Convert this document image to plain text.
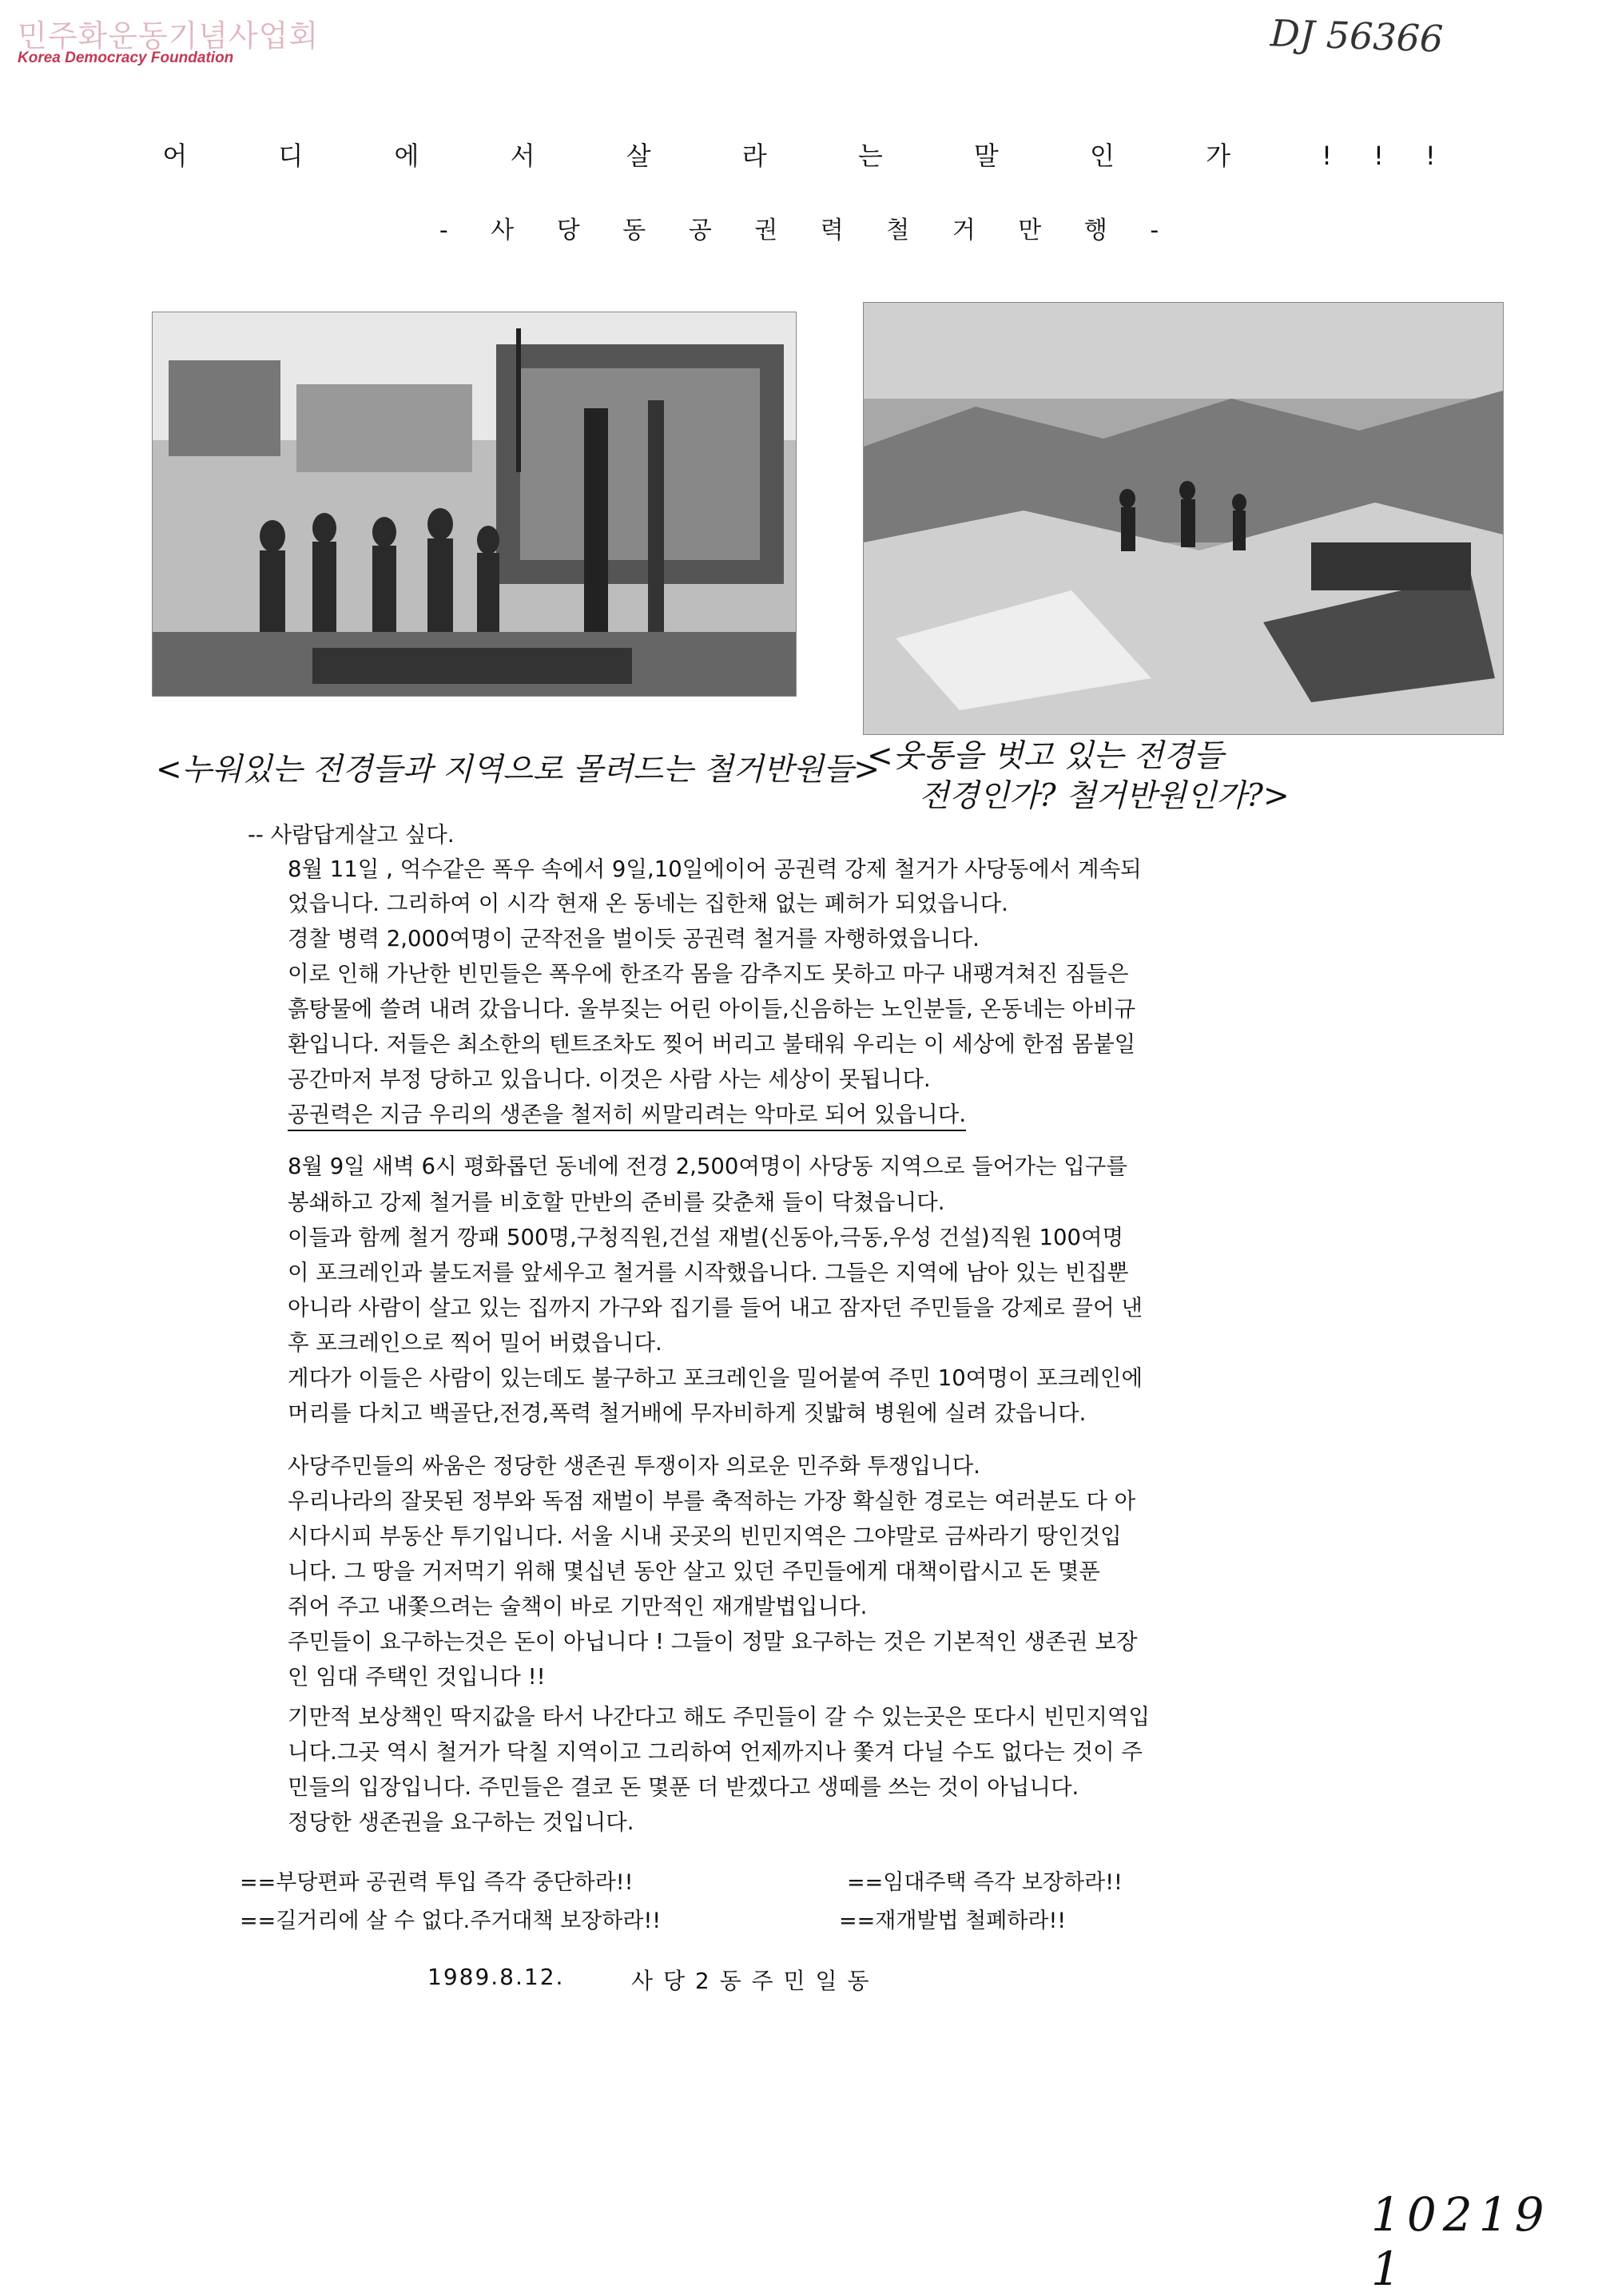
민주화운동기념사업회
Korea Democracy Foundation	DJ 56366
어 디 에 서 살 라 는 말 인 가 !!!
- 사 당 동 공 권 력 철 거 만 행 -
<누워있는 전경들과 지역으로 몰려드는 철거반원들>
<웃통을 벗고 있는 전경들
전경인가? 철거반원인가?>
-- 사람답게살고 싶다.
8월 11일 , 억수같은 폭우 속에서 9일,10일에이어 공권력 강제 철거가 사당동에서 계속되
었읍니다. 그리하여 이 시각 현재 온 동네는 집한채 없는 폐허가 되었읍니다.
경찰 병력 2,000여명이 군작전을 벌이듯 공권력 철거를 자행하였읍니다.
이로 인해 가난한 빈민들은 폭우에 한조각 몸을 감추지도 못하고 마구 내팽겨쳐진 짐들은
흙탕물에 쓸려 내려 갔읍니다. 울부짖는 어린 아이들,신음하는 노인분들, 온동네는 아비규
환입니다. 저들은 최소한의 텐트조차도 찢어 버리고 불태워 우리는 이 세상에 한점 몸붙일
공간마저 부정 당하고 있읍니다. 이것은 사람 사는 세상이 못됩니다.
공권력은 지금 우리의 생존을 철저히 씨말리려는 악마로 되어 있읍니다.
8월 9일 새벽 6시 평화롭던 동네에 전경 2,500여명이 사당동 지역으로 들어가는 입구를
봉쇄하고 강제 철거를 비호할 만반의 준비를 갖춘채 들이 닥쳤읍니다.
이들과 함께 철거 깡패 500명,구청직원,건설 재벌(신동아,극동,우성 건설)직원 100여명
이 포크레인과 불도저를 앞세우고 철거를 시작했읍니다. 그들은 지역에 남아 있는 빈집뿐
아니라 사람이 살고 있는 집까지 가구와 집기를 들어 내고 잠자던 주민들을 강제로 끌어 낸
후 포크레인으로 찍어 밀어 버렸읍니다.
게다가 이들은 사람이 있는데도 불구하고 포크레인을 밀어붙여 주민 10여명이 포크레인에
머리를 다치고 백골단,전경,폭력 철거배에 무자비하게 짓밟혀 병원에 실려 갔읍니다.
사당주민들의 싸움은 정당한 생존권 투쟁이자 의로운 민주화 투쟁입니다.
우리나라의 잘못된 정부와 독점 재벌이 부를 축적하는 가장 확실한 경로는 여러분도 다 아
시다시피 부동산 투기입니다. 서울 시내 곳곳의 빈민지역은 그야말로 금싸라기 땅인것입
니다. 그 땅을 거저먹기 위해 몇십년 동안 살고 있던 주민들에게 대책이랍시고 돈 몇푼
쥐어 주고 내쫓으려는 술책이 바로 기만적인 재개발법입니다.
주민들이 요구하는것은 돈이 아닙니다 ! 그들이 정말 요구하는 것은 기본적인 생존권 보장
인 임대 주택인 것입니다 !!
기만적 보상책인 딱지값을 타서 나간다고 해도 주민들이 갈 수 있는곳은 또다시 빈민지역입
니다.그곳 역시 철거가 닥칠 지역이고 그리하여 언제까지나 쫓겨 다닐 수도 없다는 것이 주
민들의 입장입니다. 주민들은 결코 돈 몇푼 더 받겠다고 생떼를 쓰는 것이 아닙니다.
정당한 생존권을 요구하는 것입니다.
==부당편파 공권력 투입 즉각 중단하라!!
==길거리에 살 수 없다.주거대책 보장하라!!
==임대주택 즉각 보장하라!!
==재개발법 철폐하라!!
1989.8.12.	사 당 2 동 주 민 일 동
10219 1
